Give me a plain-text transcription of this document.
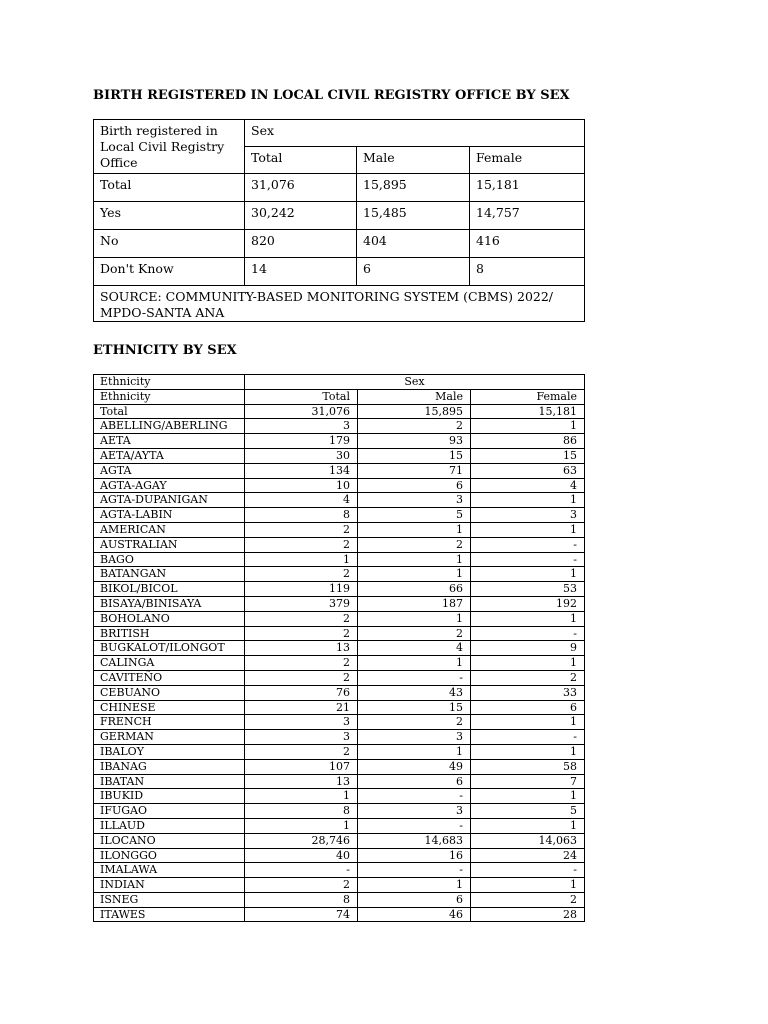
BIRTH REGISTERED IN LOCAL CIVIL REGISTRY OFFICE BY SEX
Birth registered in Local Civil Registry Office	Sex		
	Total	Male	Female
Total	31,076	15,895	15,181
Yes	30,242	15,485	14,757
No	820	404	416
Don't Know	14	6	8
SOURCE: COMMUNITY-BASED MONITORING SYSTEM (CBMS) 2022/ MPDO-SANTA ANA			
ETHNICITY BY SEX
Ethnicity	Sex		
Ethnicity	Total	Male	Female
Total	31,076	15,895	15,181
ABELLING/ABERLING	3	2	1
AETA	179	93	86
AETA/AYTA	30	15	15
AGTA	134	71	63
AGTA-AGAY	10	6	4
AGTA-DUPANIGAN	4	3	1
AGTA-LABIN	8	5	3
AMERICAN	2	1	1
AUSTRALIAN	2	2	-
BAGO	1	1	-
BATANGAN	2	1	1
BIKOL/BICOL	119	66	53
BISAYA/BINISAYA	379	187	192
BOHOLANO	2	1	1
BRITISH	2	2	-
BUGKALOT/ILONGOT	13	4	9
CALINGA	2	1	1
CAVITEÑO	2	-	2
CEBUANO	76	43	33
CHINESE	21	15	6
FRENCH	3	2	1
GERMAN	3	3	-
IBALOY	2	1	1
IBANAG	107	49	58
IBATAN	13	6	7
IBUKID	1	-	1
IFUGAO	8	3	5
ILLAUD	1	-	1
ILOCANO	28,746	14,683	14,063
ILONGGO	40	16	24
IMALAWA	-	-	-
INDIAN	2	1	1
ISNEG	8	6	2
ITAWES	74	46	28
